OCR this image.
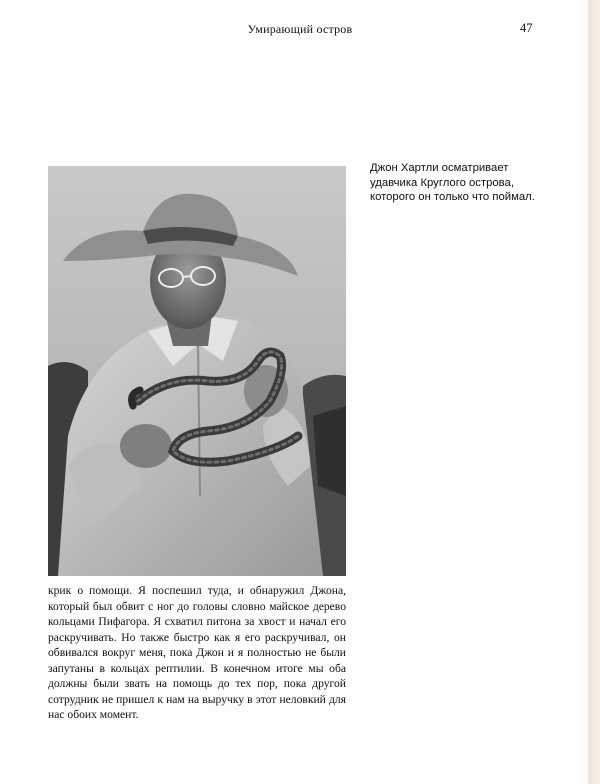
Умирающий остров	47
Джон Хартли осматривает удавчика Круглого острова, которого он только что поймал.
крик о помощи. Я поспешил туда, и обнаружил Джона, который был обвит с ног до головы словно майское дерево кольцами Пифагора. Я схватил питона за хвост и начал его раскручивать. Но также быстро как я его раскручивал, он обвивался вокруг меня, пока Джон и я полностью не были запутаны в кольцах рептилии. В конечном итоге мы оба должны были звать на помощь до тех пор, пока другой сотрудник не пришел к нам на выручку в этот неловкий для нас обоих момент.
